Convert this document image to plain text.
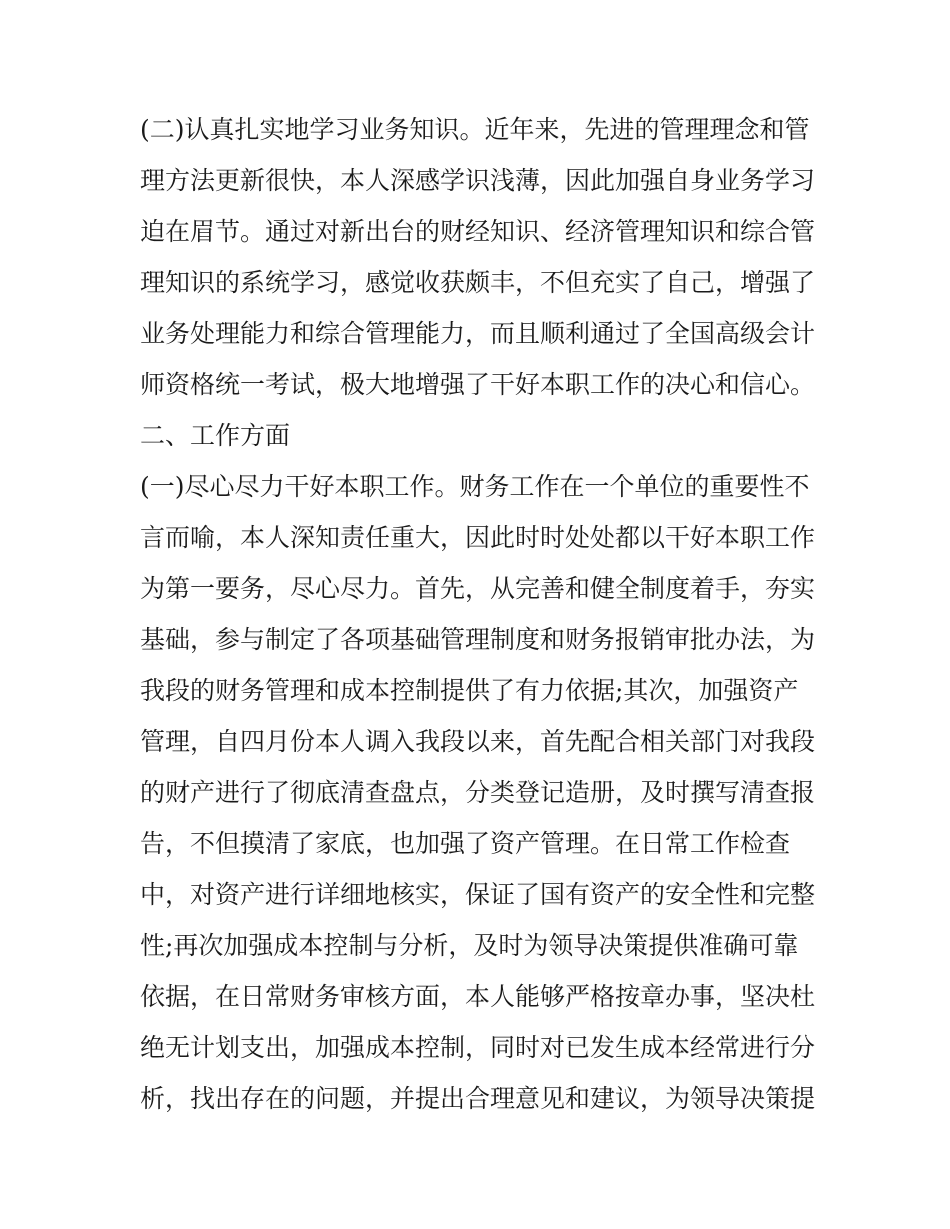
(二)认真扎实地学习业务知识。近年来，先进的管理理念和管
理方法更新很快，本人深感学识浅薄，因此加强自身业务学习
迫在眉节。通过对新出台的财经知识、经济管理知识和综合管
理知识的系统学习，感觉收获颇丰，不但充实了自己，增强了
业务处理能力和综合管理能力，而且顺利通过了全国高级会计
师资格统一考试，极大地增强了干好本职工作的决心和信心。
二、工作方面
(一)尽心尽力干好本职工作。财务工作在一个单位的重要性不
言而喻，本人深知责任重大，因此时时处处都以干好本职工作
为第一要务，尽心尽力。首先，从完善和健全制度着手，夯实
基础，参与制定了各项基础管理制度和财务报销审批办法，为
我段的财务管理和成本控制提供了有力依据;其次，加强资产
管理，自四月份本人调入我段以来，首先配合相关部门对我段
的财产进行了彻底清查盘点，分类登记造册，及时撰写清查报
告，不但摸清了家底，也加强了资产管理。在日常工作检查
中，对资产进行详细地核实，保证了国有资产的安全性和完整
性;再次加强成本控制与分析，及时为领导决策提供准确可靠
依据，在日常财务审核方面，本人能够严格按章办事，坚决杜
绝无计划支出，加强成本控制，同时对已发生成本经常进行分
析，找出存在的问题，并提出合理意见和建议，为领导决策提
